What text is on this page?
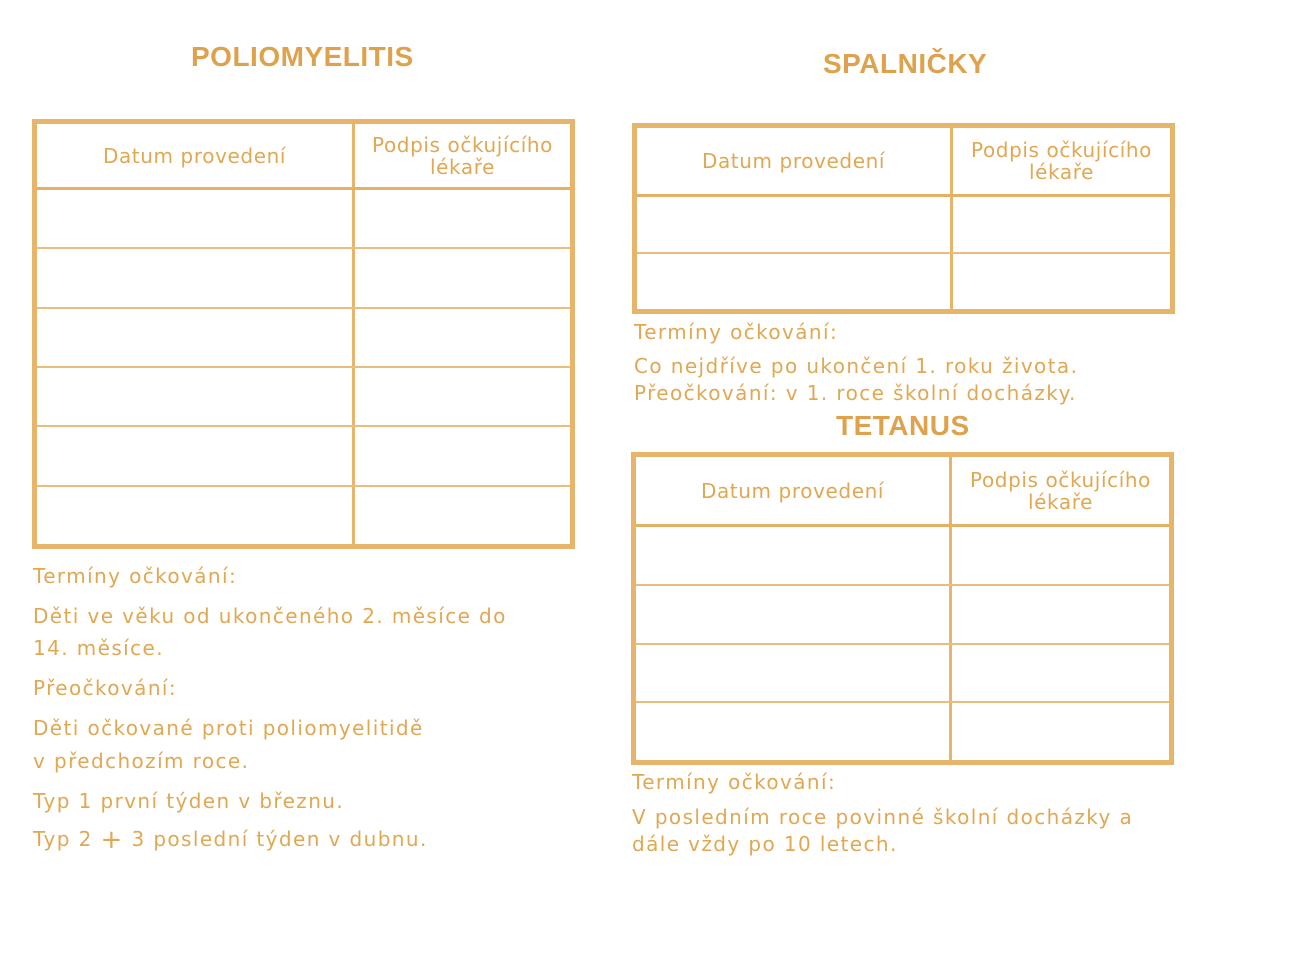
POLIOMYELITIS
Datum provedení	Podpis očkujícího
lékaře

Termíny očkování:

Děti ve věku od ukončeného 2. měsíce do

14. měsíce.

Přeočkování:

Děti očkované proti poliomyelitidě

v předchozím roce.

Typ 1 první týden v březnu.

Typ 2 + 3 poslední týden v dubnu.

SPALNIČKY
Datum provedení	Podpis očkujícího
lékaře

Termíny očkování:

Co nejdříve po ukončení 1. roku života.

Přeočkování: v 1. roce školní docházky.

TETANUS
Datum provedení	Podpis očkujícího
lékaře

Termíny očkování:

V posledním roce povinné školní docházky a

dále vždy po 10 letech.
